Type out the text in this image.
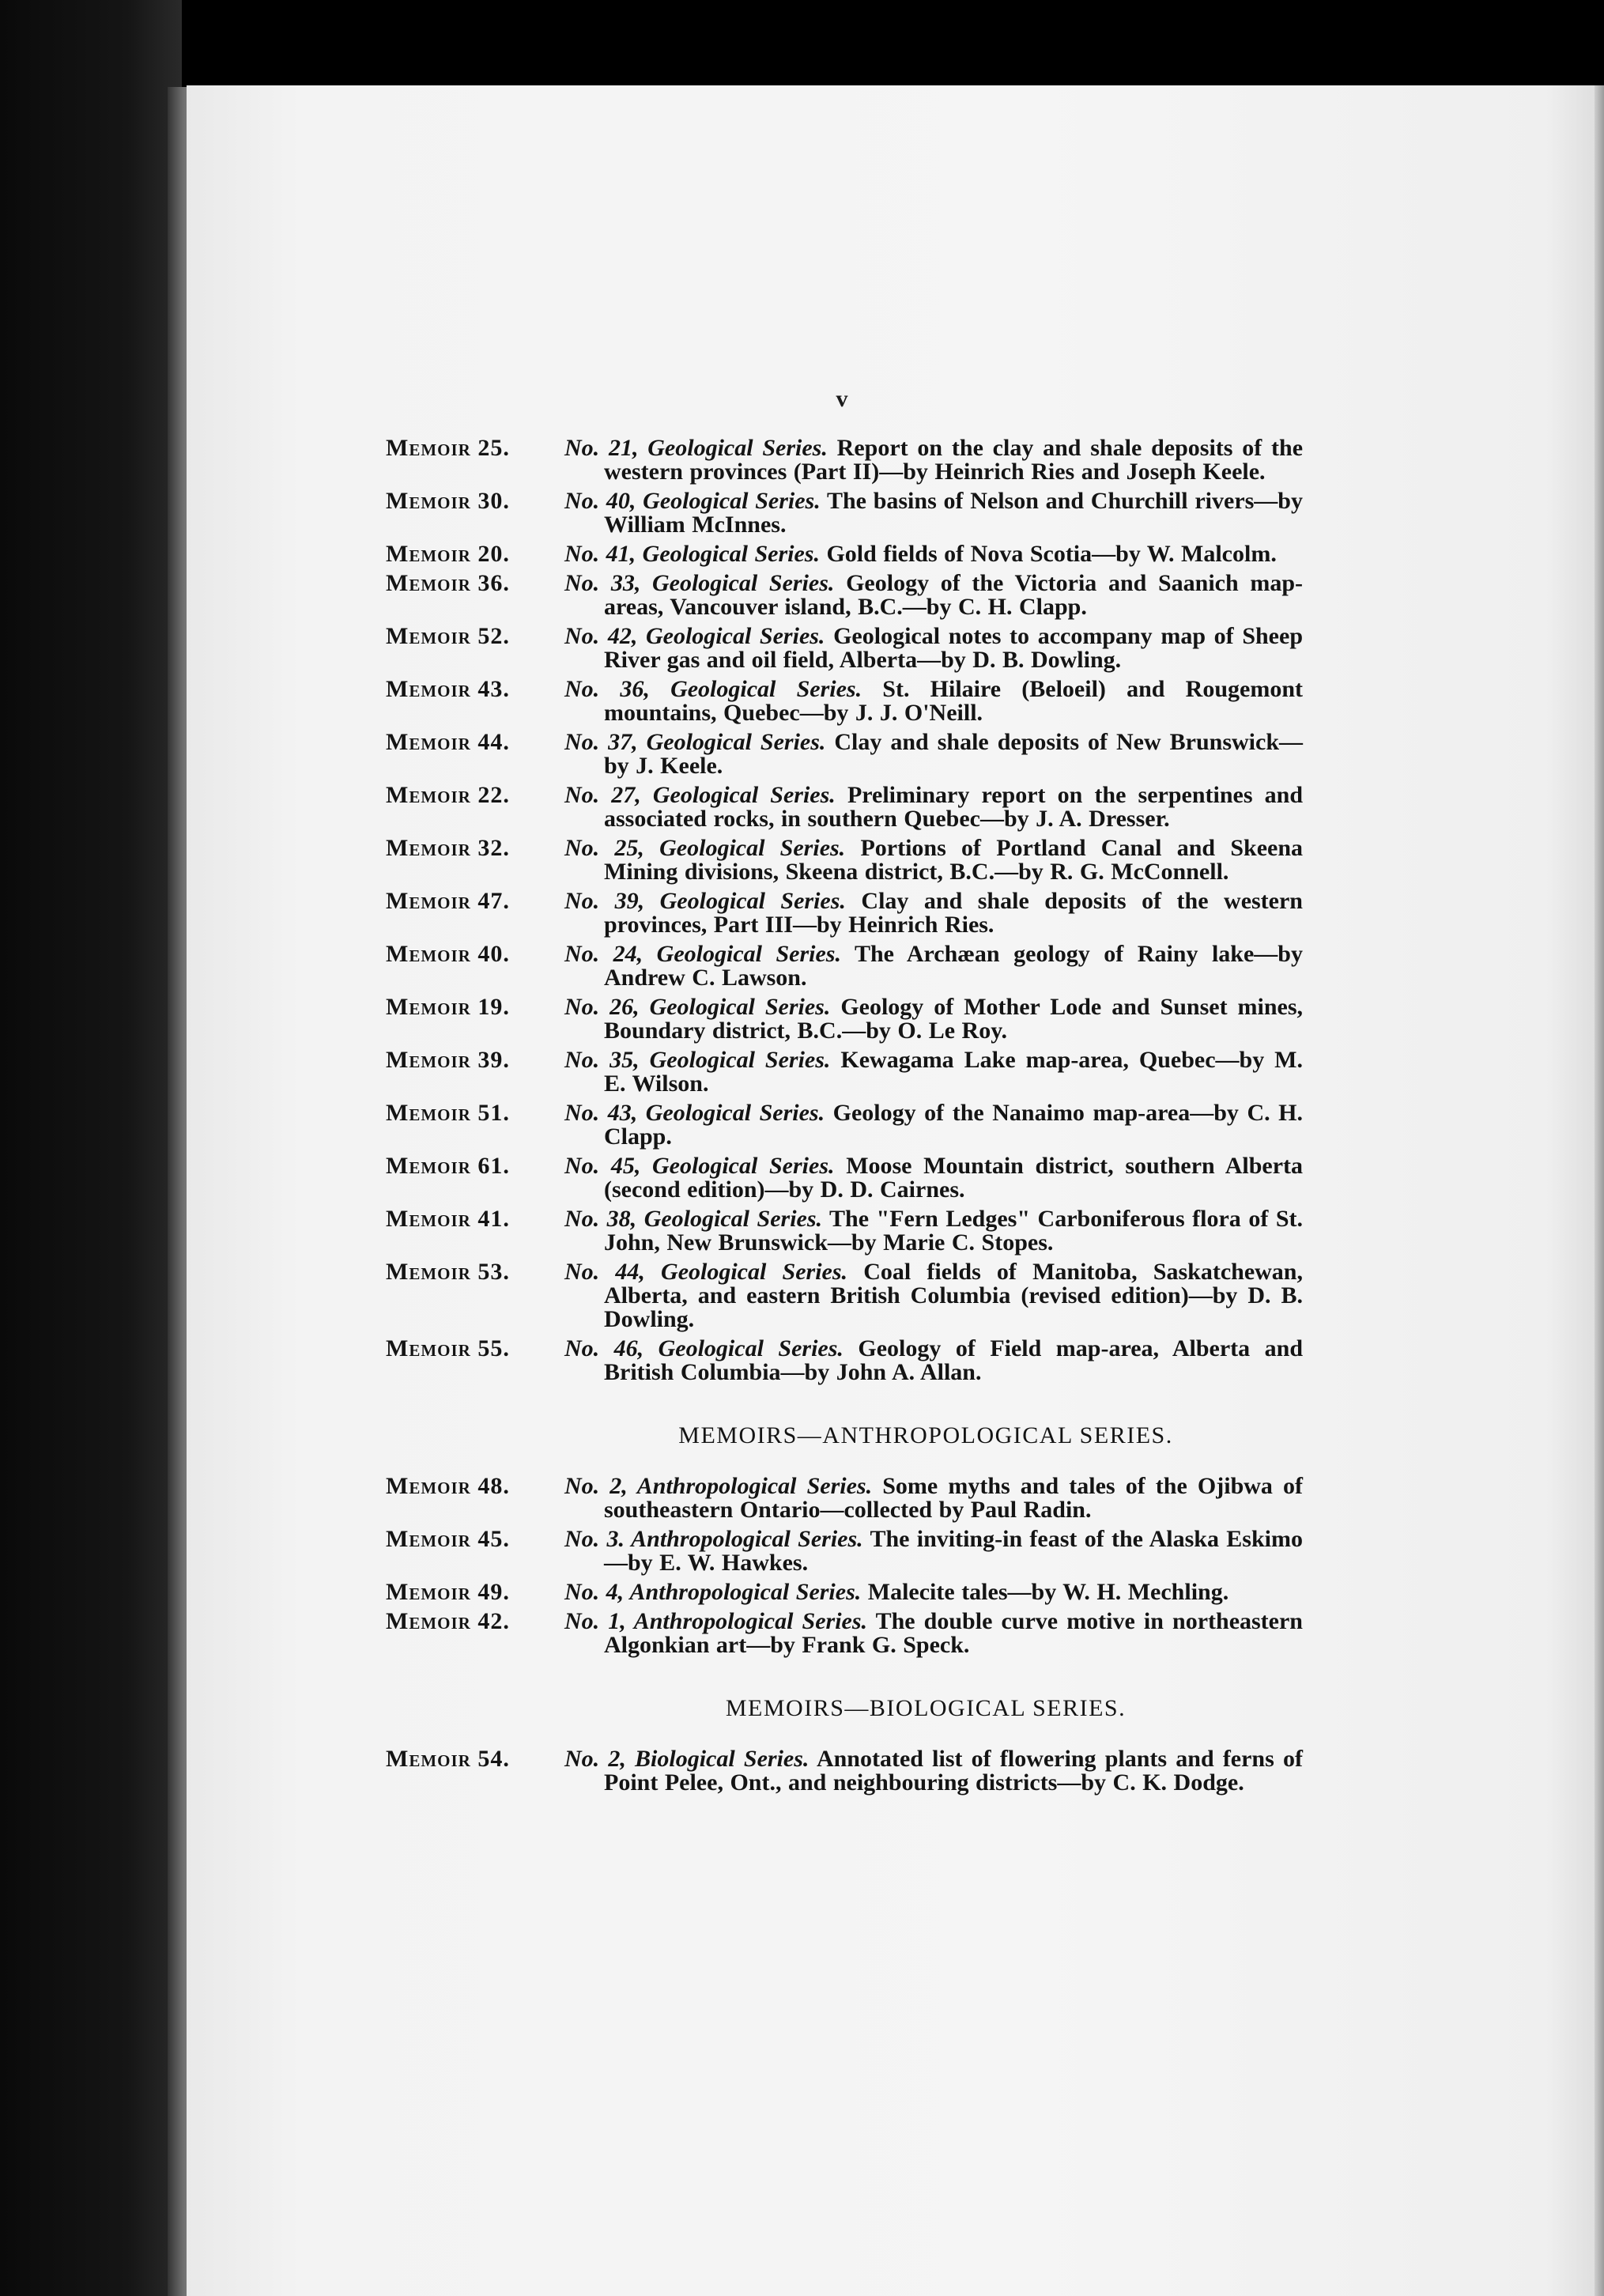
v
Memoir 25.	No. 21, Geological Series. Report on the clay and shale deposits of the western provinces (Part II)—by Heinrich Ries and Joseph Keele.
Memoir 30.	No. 40, Geological Series. The basins of Nelson and Churchill rivers—by William McInnes.
Memoir 20.	No. 41, Geological Series. Gold fields of Nova Scotia—by W. Malcolm.
Memoir 36.	No. 33, Geological Series. Geology of the Victoria and Saanich map-areas, Vancouver island, B.C.—by C. H. Clapp.
Memoir 52.	No. 42, Geological Series. Geological notes to accompany map of Sheep River gas and oil field, Alberta—by D. B. Dowling.
Memoir 43.	No. 36, Geological Series. St. Hilaire (Beloeil) and Rougemont mountains, Quebec—by J. J. O'Neill.
Memoir 44.	No. 37, Geological Series. Clay and shale deposits of New Brunswick—by J. Keele.
Memoir 22.	No. 27, Geological Series. Preliminary report on the serpentines and associated rocks, in southern Quebec—by J. A. Dresser.
Memoir 32.	No. 25, Geological Series. Portions of Portland Canal and Skeena Mining divisions, Skeena district, B.C.—by R. G. McConnell.
Memoir 47.	No. 39, Geological Series. Clay and shale deposits of the western provinces, Part III—by Heinrich Ries.
Memoir 40.	No. 24, Geological Series. The Archæan geology of Rainy lake—by Andrew C. Lawson.
Memoir 19.	No. 26, Geological Series. Geology of Mother Lode and Sunset mines, Boundary district, B.C.—by O. Le Roy.
Memoir 39.	No. 35, Geological Series. Kewagama Lake map-area, Quebec—by M. E. Wilson.
Memoir 51.	No. 43, Geological Series. Geology of the Nanaimo map-area—by C. H. Clapp.
Memoir 61.	No. 45, Geological Series. Moose Mountain district, southern Alberta (second edition)—by D. D. Cairnes.
Memoir 41.	No. 38, Geological Series. The "Fern Ledges" Carboniferous flora of St. John, New Brunswick—by Marie C. Stopes.
Memoir 53.	No. 44, Geological Series. Coal fields of Manitoba, Saskatchewan, Alberta, and eastern British Columbia (revised edition)—by D. B. Dowling.
Memoir 55.	No. 46, Geological Series. Geology of Field map-area, Alberta and British Columbia—by John A. Allan.
MEMOIRS—ANTHROPOLOGICAL SERIES.
Memoir 48.	No. 2, Anthropological Series. Some myths and tales of the Ojibwa of southeastern Ontario—collected by Paul Radin.
Memoir 45.	No. 3. Anthropological Series. The inviting-in feast of the Alaska Eskimo—by E. W. Hawkes.
Memoir 49.	No. 4, Anthropological Series. Malecite tales—by W. H. Mechling.
Memoir 42.	No. 1, Anthropological Series. The double curve motive in northeastern Algonkian art—by Frank G. Speck.
MEMOIRS—BIOLOGICAL SERIES.
Memoir 54.	No. 2, Biological Series. Annotated list of flowering plants and ferns of Point Pelee, Ont., and neighbouring districts—by C. K. Dodge.
